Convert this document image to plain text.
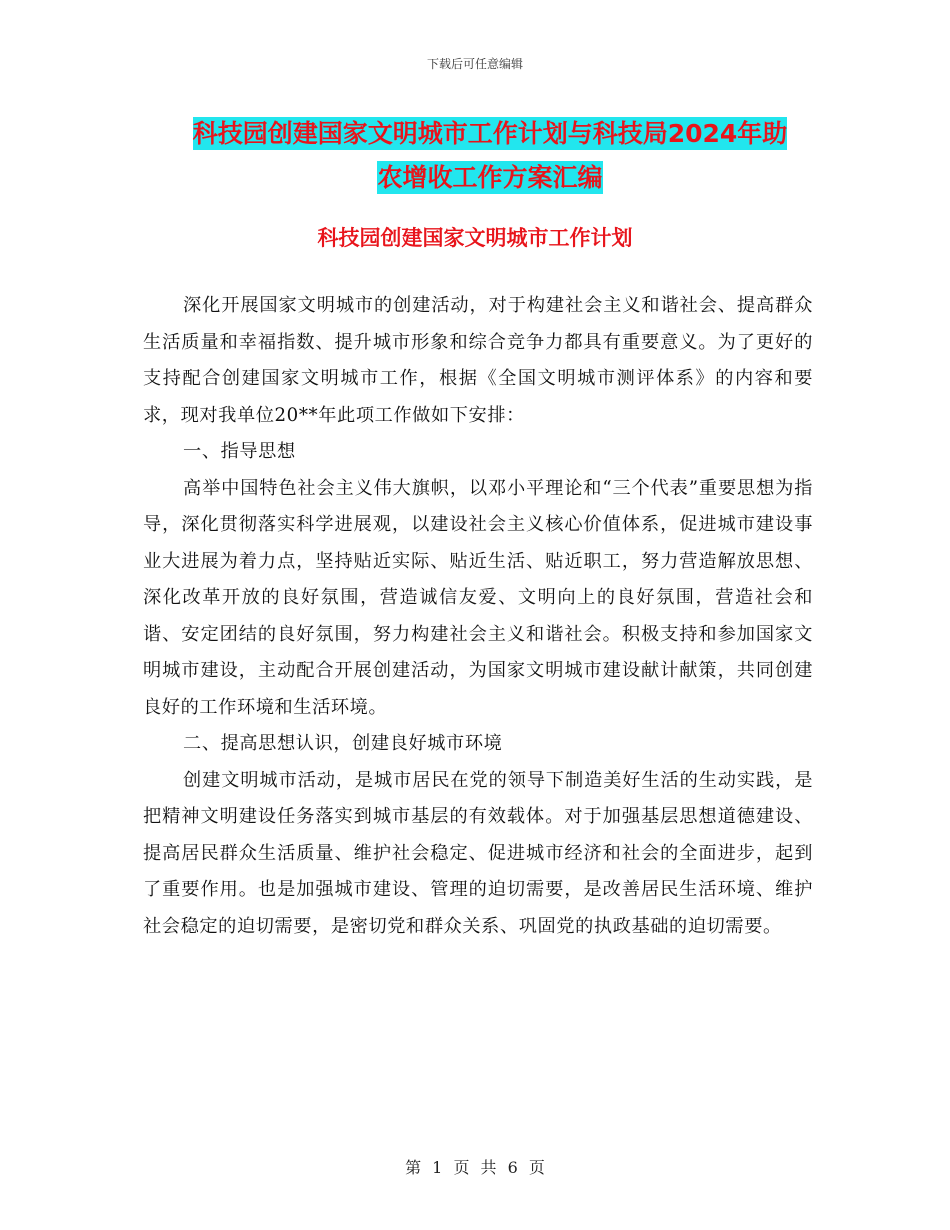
下载后可任意编辑
科技园创建国家文明城市工作计划与科技局2024年助
农增收工作方案汇编
科技园创建国家文明城市工作计划

深化开展国家文明城市的创建活动，对于构建社会主义和谐社会、提高群众生活质量和幸福指数、提升城市形象和综合竞争力都具有重要意义。为了更好的支持配合创建国家文明城市工作，根据《全国文明城市测评体系》的内容和要求，现对我单位20**年此项工作做如下安排：

一、指导思想

高举中国特色社会主义伟大旗帜，以邓小平理论和“三个代表”重要思想为指导，深化贯彻落实科学进展观，以建设社会主义核心价值体系，促进城市建设事业大进展为着力点，坚持贴近实际、贴近生活、贴近职工，努力营造解放思想、深化改革开放的良好氛围，营造诚信友爱、文明向上的良好氛围，营造社会和谐、安定团结的良好氛围，努力构建社会主义和谐社会。积极支持和参加国家文明城市建设，主动配合开展创建活动，为国家文明城市建设献计献策，共同创建良好的工作环境和生活环境。

二、提高思想认识，创建良好城市环境

创建文明城市活动，是城市居民在党的领导下制造美好生活的生动实践，是把精神文明建设任务落实到城市基层的有效载体。对于加强基层思想道德建设、提高居民群众生活质量、维护社会稳定、促进城市经济和社会的全面进步，起到了重要作用。也是加强城市建设、管理的迫切需要，是改善居民生活环境、维护社会稳定的迫切需要，是密切党和群众关系、巩固党的执政基础的迫切需要。

第 1 页 共 6 页
